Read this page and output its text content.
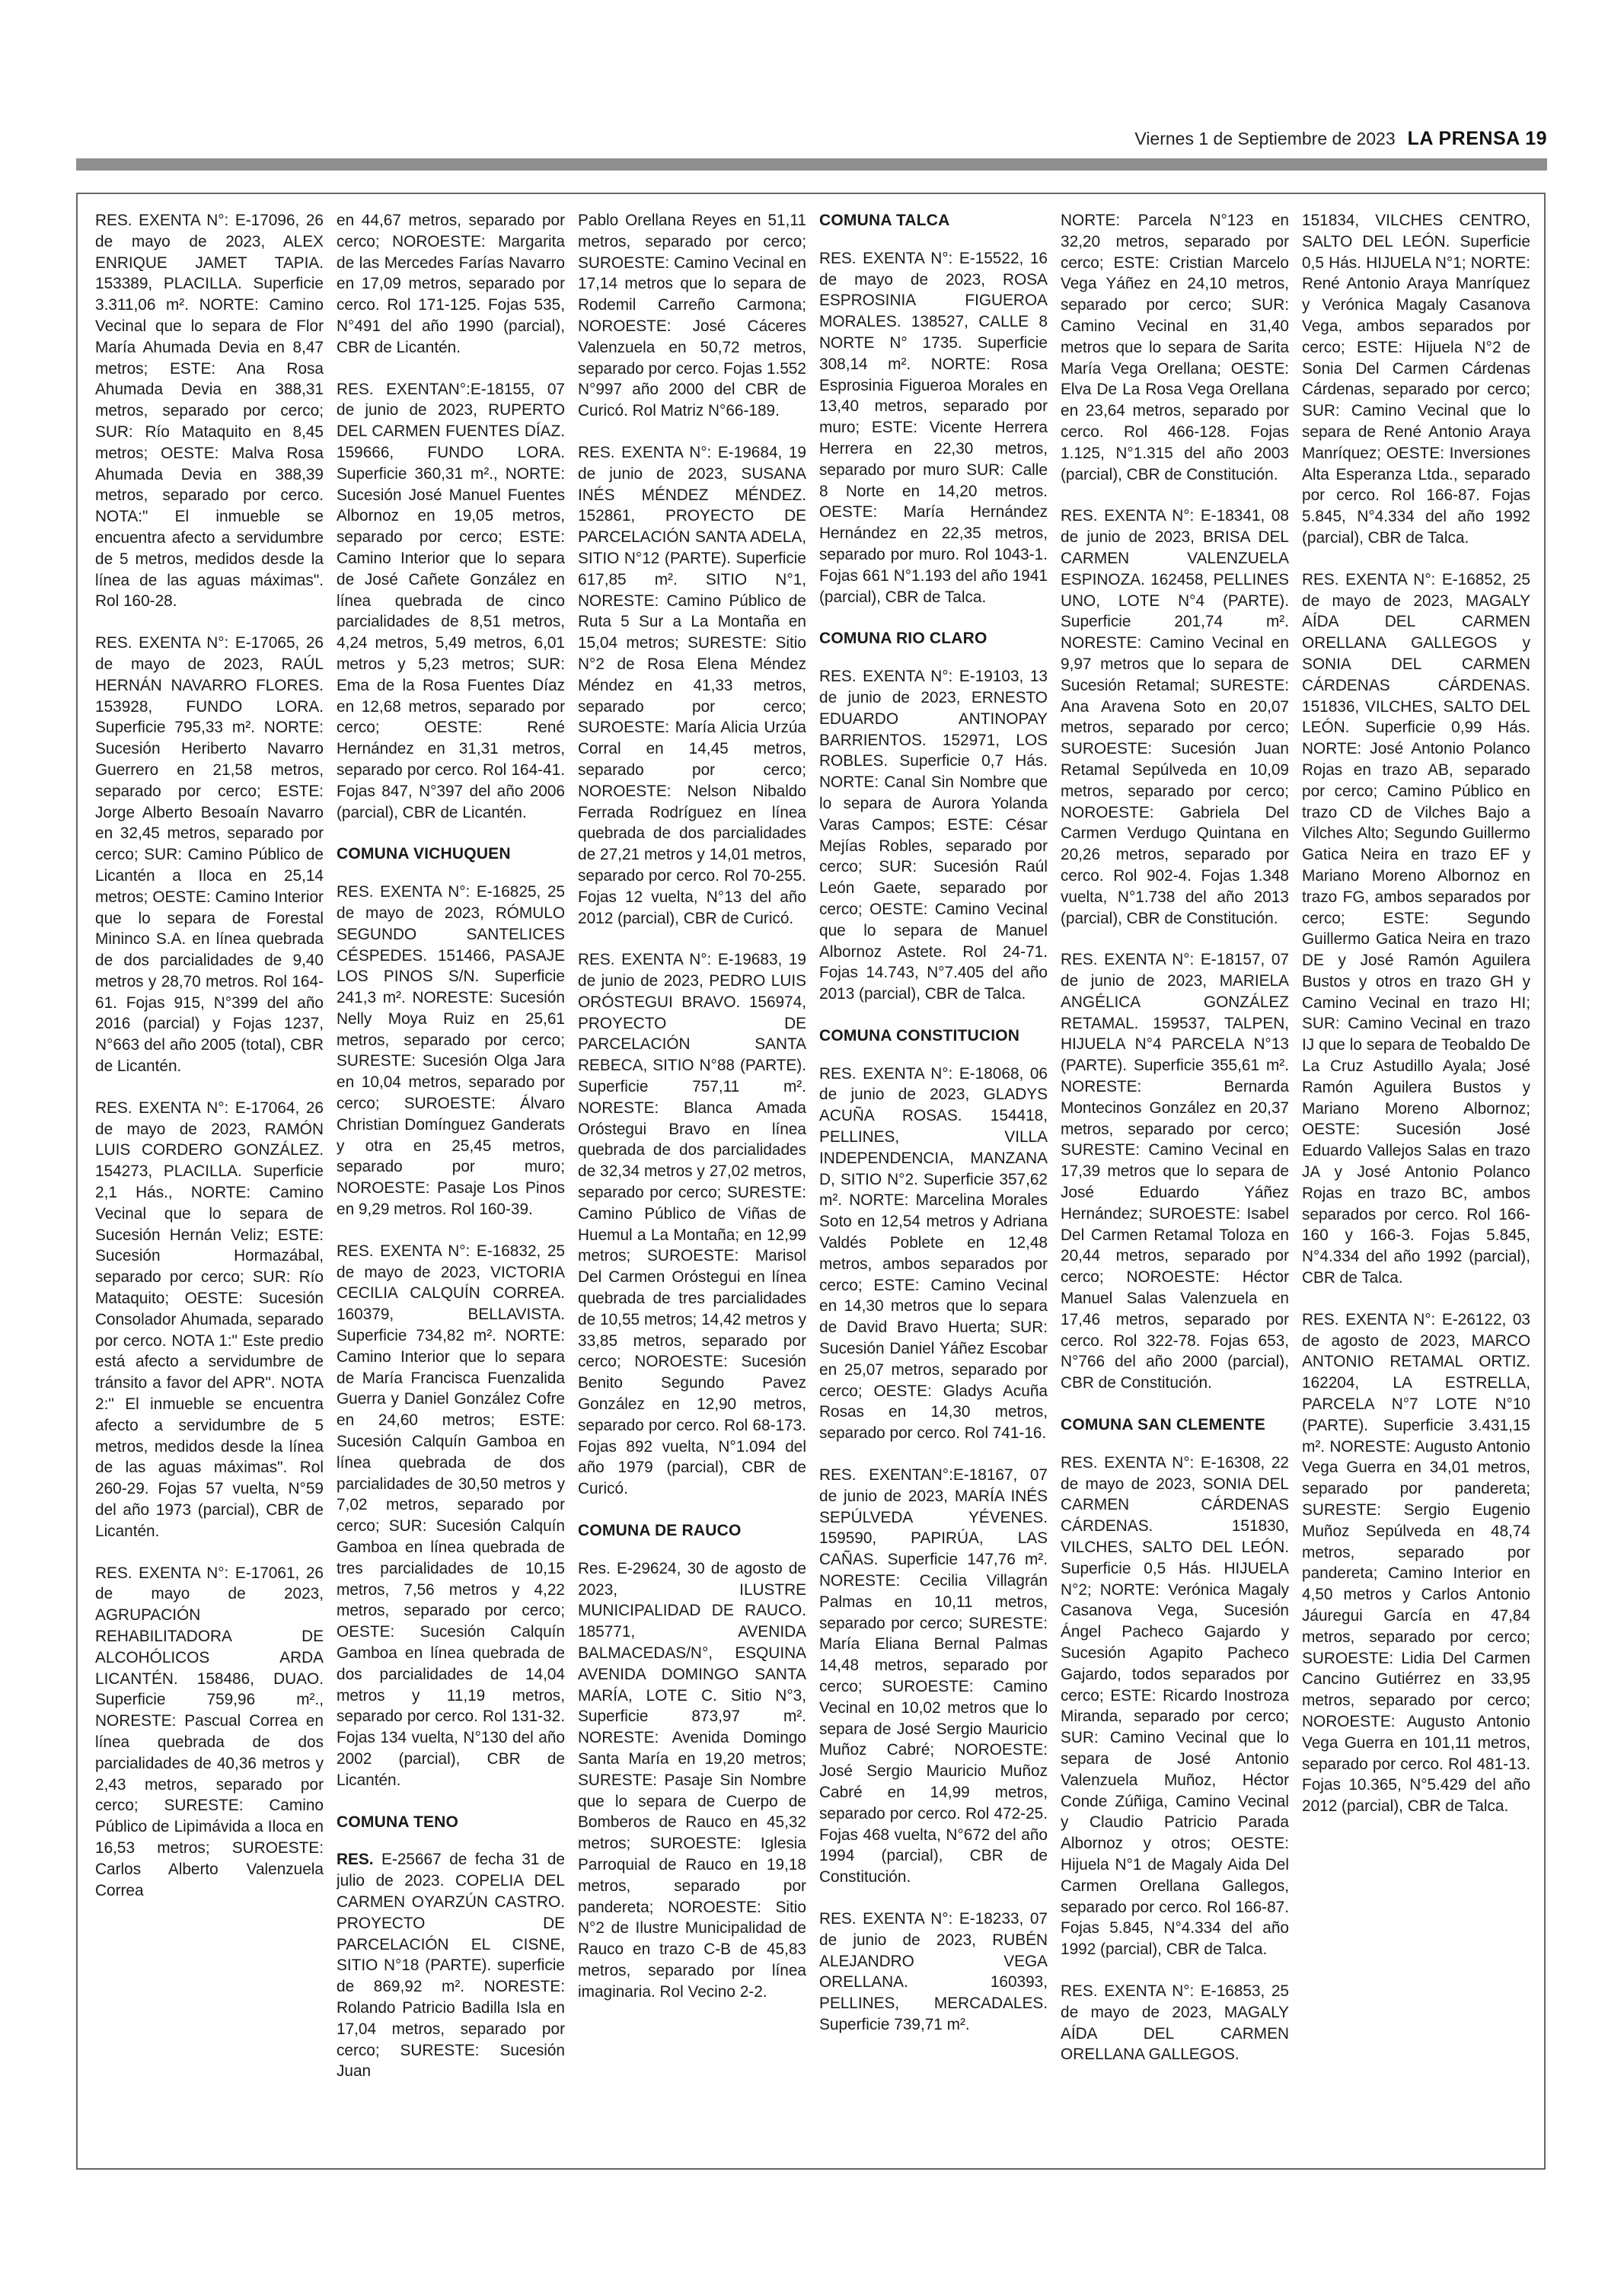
Viernes 1 de Septiembre de 2023 LA PRENSA 19

RES. EXENTA N°: E-17096, 26 de mayo de 2023, ALEX ENRIQUE JAMET TAPIA. 153389, PLACILLA. Superficie 3.311,06 m². NORTE: Camino Vecinal que lo separa de Flor María Ahumada Devia en 8,47 metros; ESTE: Ana Rosa Ahumada Devia en 388,31 metros, separado por cerco; SUR: Río Mataquito en 8,45 metros; OESTE: Malva Rosa Ahumada Devia en 388,39 metros, separado por cerco. NOTA:" El inmueble se encuentra afecto a servidumbre de 5 metros, medidos desde la línea de las aguas máximas". Rol 160-28.

RES. EXENTA N°: E-17065, 26 de mayo de 2023, RAÚL HERNÁN NAVARRO FLORES. 153928, FUNDO LORA. Superficie 795,33 m². NORTE: Sucesión Heriberto Navarro Guerrero en 21,58 metros, separado por cerco; ESTE: Jorge Alberto Besoaín Navarro en 32,45 metros, separado por cerco; SUR: Camino Público de Licantén a Iloca en 25,14 metros; OESTE: Camino Interior que lo separa de Forestal Mininco S.A. en línea quebrada de dos parcialidades de 9,40 metros y 28,70 metros. Rol 164-61. Fojas 915, N°399 del año 2016 (parcial) y Fojas 1237, N°663 del año 2005 (total), CBR de Licantén.

RES. EXENTA N°: E-17064, 26 de mayo de 2023, RAMÓN LUIS CORDERO GONZÁLEZ. 154273, PLACILLA. Superficie 2,1 Hás., NORTE: Camino Vecinal que lo separa de Sucesión Hernán Veliz; ESTE: Sucesión Hormazábal, separado por cerco; SUR: Río Mataquito; OESTE: Sucesión Consolador Ahumada, separado por cerco. NOTA 1:" Este predio está afecto a servidumbre de tránsito a favor del APR". NOTA 2:" El inmueble se encuentra afecto a servidumbre de 5 metros, medidos desde la línea de las aguas máximas". Rol 260-29. Fojas 57 vuelta, N°59 del año 1973 (parcial), CBR de Licantén.

RES. EXENTA N°: E-17061, 26 de mayo de 2023, AGRUPACIÓN REHABILITADORA DE ALCOHÓLICOS ARDA LICANTÉN. 158486, DUAO. Superficie 759,96 m²., NORESTE: Pascual Correa en línea quebrada de dos parcialidades de 40,36 metros y 2,43 metros, separado por cerco; SURESTE: Camino Público de Lipimávida a Iloca en 16,53 metros; SUROESTE: Carlos Alberto Valenzuela Correa

en 44,67 metros, separado por cerco; NOROESTE: Margarita de las Mercedes Farías Navarro en 17,09 metros, separado por cerco. Rol 171-125. Fojas 535, N°491 del año 1990 (parcial), CBR de Licantén.

RES. EXENTAN°:E-18155, 07 de junio de 2023, RUPERTO DEL CARMEN FUENTES DÍAZ. 159666, FUNDO LORA. Superficie 360,31 m²., NORTE: Sucesión José Manuel Fuentes Albornoz en 19,05 metros, separado por cerco; ESTE: Camino Interior que lo separa de José Cañete González en línea quebrada de cinco parcialidades de 8,51 metros, 4,24 metros, 5,49 metros, 6,01 metros y 5,23 metros; SUR: Ema de la Rosa Fuentes Díaz en 12,68 metros, separado por cerco; OESTE: René Hernández en 31,31 metros, separado por cerco. Rol 164-41. Fojas 847, N°397 del año 2006 (parcial), CBR de Licantén.

COMUNA VICHUQUEN

RES. EXENTA N°: E-16825, 25 de mayo de 2023, RÓMULO SEGUNDO SANTELICES CÉSPEDES. 151466, PASAJE LOS PINOS S/N. Superficie 241,3 m². NORESTE: Sucesión Nelly Moya Ruiz en 25,61 metros, separado por cerco; SURESTE: Sucesión Olga Jara en 10,04 metros, separado por cerco; SUROESTE: Álvaro Christian Domínguez Ganderats y otra en 25,45 metros, separado por muro; NOROESTE: Pasaje Los Pinos en 9,29 metros. Rol 160-39.

RES. EXENTA N°: E-16832, 25 de mayo de 2023, VICTORIA CECILIA CALQUÍN CORREA. 160379, BELLAVISTA. Superficie 734,82 m². NORTE: Camino Interior que lo separa de María Francisca Fuenzalida Guerra y Daniel González Cofre en 24,60 metros; ESTE: Sucesión Calquín Gamboa en línea quebrada de dos parcialidades de 30,50 metros y 7,02 metros, separado por cerco; SUR: Sucesión Calquín Gamboa en línea quebrada de tres parcialidades de 10,15 metros, 7,56 metros y 4,22 metros, separado por cerco; OESTE: Sucesión Calquín Gamboa en línea quebrada de dos parcialidades de 14,04 metros y 11,19 metros, separado por cerco. Rol 131-32. Fojas 134 vuelta, N°130 del año 2002 (parcial), CBR de Licantén.

COMUNA TENO

RES. E-25667 de fecha 31 de julio de 2023. COPELIA DEL CARMEN OYARZÚN CASTRO. PROYECTO DE PARCELACIÓN EL CISNE, SITIO N°18 (PARTE). superficie de 869,92 m². NORESTE: Rolando Patricio Badilla Isla en 17,04 metros, separado por cerco; SURESTE: Sucesión Juan

Pablo Orellana Reyes en 51,11 metros, separado por cerco; SUROESTE: Camino Vecinal en 17,14 metros que lo separa de Rodemil Carreño Carmona; NOROESTE: José Cáceres Valenzuela en 50,72 metros, separado por cerco. Fojas 1.552 N°997 año 2000 del CBR de Curicó. Rol Matriz N°66-189.

RES. EXENTA N°: E-19684, 19 de junio de 2023, SUSANA INÉS MÉNDEZ MÉNDEZ. 152861, PROYECTO DE PARCELACIÓN SANTA ADELA, SITIO N°12 (PARTE). Superficie 617,85 m². SITIO N°1, NORESTE: Camino Público de Ruta 5 Sur a La Montaña en 15,04 metros; SURESTE: Sitio N°2 de Rosa Elena Méndez Méndez en 41,33 metros, separado por cerco; SUROESTE: María Alicia Urzúa Corral en 14,45 metros, separado por cerco; NOROESTE: Nelson Nibaldo Ferrada Rodríguez en línea quebrada de dos parcialidades de 27,21 metros y 14,01 metros, separado por cerco. Rol 70-255. Fojas 12 vuelta, N°13 del año 2012 (parcial), CBR de Curicó.

RES. EXENTA N°: E-19683, 19 de junio de 2023, PEDRO LUIS ORÓSTEGUI BRAVO. 156974, PROYECTO DE PARCELACIÓN SANTA REBECA, SITIO N°88 (PARTE). Superficie 757,11 m². NORESTE: Blanca Amada Oróstegui Bravo en línea quebrada de dos parcialidades de 32,34 metros y 27,02 metros, separado por cerco; SURESTE: Camino Público de Viñas de Huemul a La Montaña; en 12,99 metros; SUROESTE: Marisol Del Carmen Oróstegui en línea quebrada de tres parcialidades de 10,55 metros; 14,42 metros y 33,85 metros, separado por cerco; NOROESTE: Sucesión Benito Segundo Pavez González en 12,90 metros, separado por cerco. Rol 68-173. Fojas 892 vuelta, N°1.094 del año 1979 (parcial), CBR de Curicó.

COMUNA DE RAUCO

Res. E-29624, 30 de agosto de 2023, ILUSTRE MUNICIPALIDAD DE RAUCO. 185771, AVENIDA BALMACEDAS/N°, ESQUINA AVENIDA DOMINGO SANTA MARÍA, LOTE C. Sitio N°3, Superficie 873,97 m². NORESTE: Avenida Domingo Santa María en 19,20 metros; SURESTE: Pasaje Sin Nombre que lo separa de Cuerpo de Bomberos de Rauco en 45,32 metros; SUROESTE: Iglesia Parroquial de Rauco en 19,18 metros, separado por pandereta; NOROESTE: Sitio N°2 de Ilustre Municipalidad de Rauco en trazo C-B de 45,83 metros, separado por línea imaginaria. Rol Vecino 2-2.

COMUNA TALCA

RES. EXENTA N°: E-15522, 16 de mayo de 2023, ROSA ESPROSINIA FIGUEROA MORALES. 138527, CALLE 8 NORTE N° 1735. Superficie 308,14 m². NORTE: Rosa Esprosinia Figueroa Morales en 13,40 metros, separado por muro; ESTE: Vicente Herrera Herrera en 22,30 metros, separado por muro SUR: Calle 8 Norte en 14,20 metros. OESTE: María Hernández Hernández en 22,35 metros, separado por muro. Rol 1043-1. Fojas 661 N°1.193 del año 1941 (parcial), CBR de Talca.

COMUNA RIO CLARO

RES. EXENTA N°: E-19103, 13 de junio de 2023, ERNESTO EDUARDO ANTINOPAY BARRIENTOS. 152971, LOS ROBLES. Superficie 0,7 Hás. NORTE: Canal Sin Nombre que lo separa de Aurora Yolanda Varas Campos; ESTE: César Mejías Robles, separado por cerco; SUR: Sucesión Raúl León Gaete, separado por cerco; OESTE: Camino Vecinal que lo separa de Manuel Albornoz Astete. Rol 24-71. Fojas 14.743, N°7.405 del año 2013 (parcial), CBR de Talca.

COMUNA CONSTITUCION

RES. EXENTA N°: E-18068, 06 de junio de 2023, GLADYS ACUÑA ROSAS. 154418, PELLINES, VILLA INDEPENDENCIA, MANZANA D, SITIO N°2. Superficie 357,62 m². NORTE: Marcelina Morales Soto en 12,54 metros y Adriana Valdés Poblete en 12,48 metros, ambos separados por cerco; ESTE: Camino Vecinal en 14,30 metros que lo separa de David Bravo Huerta; SUR: Sucesión Daniel Yáñez Escobar en 25,07 metros, separado por cerco; OESTE: Gladys Acuña Rosas en 14,30 metros, separado por cerco. Rol 741-16.

RES. EXENTAN°:E-18167, 07 de junio de 2023, MARÍA INÉS SEPÚLVEDA YÉVENES. 159590, PAPIRÚA, LAS CAÑAS. Superficie 147,76 m². NORESTE: Cecilia Villagrán Palmas en 10,11 metros, separado por cerco; SURESTE: María Eliana Bernal Palmas 14,48 metros, separado por cerco; SUROESTE: Camino Vecinal en 10,02 metros que lo separa de José Sergio Mauricio Muñoz Cabré; NOROESTE: José Sergio Mauricio Muñoz Cabré en 14,99 metros, separado por cerco. Rol 472-25. Fojas 468 vuelta, N°672 del año 1994 (parcial), CBR de Constitución.

RES. EXENTA N°: E-18233, 07 de junio de 2023, RUBÉN ALEJANDRO VEGA ORELLANA. 160393, PELLINES, MERCADALES. Superficie 739,71 m².

NORTE: Parcela N°123 en 32,20 metros, separado por cerco; ESTE: Cristian Marcelo Vega Yáñez en 24,10 metros, separado por cerco; SUR: Camino Vecinal en 31,40 metros que lo separa de Sarita María Vega Orellana; OESTE: Elva De La Rosa Vega Orellana en 23,64 metros, separado por cerco. Rol 466-128. Fojas 1.125, N°1.315 del año 2003 (parcial), CBR de Constitución.

RES. EXENTA N°: E-18341, 08 de junio de 2023, BRISA DEL CARMEN VALENZUELA ESPINOZA. 162458, PELLINES UNO, LOTE N°4 (PARTE). Superficie 201,74 m². NORESTE: Camino Vecinal en 9,97 metros que lo separa de Sucesión Retamal; SURESTE: Ana Aravena Soto en 20,07 metros, separado por cerco; SUROESTE: Sucesión Juan Retamal Sepúlveda en 10,09 metros, separado por cerco; NOROESTE: Gabriela Del Carmen Verdugo Quintana en 20,26 metros, separado por cerco. Rol 902-4. Fojas 1.348 vuelta, N°1.738 del año 2013 (parcial), CBR de Constitución.

RES. EXENTA N°: E-18157, 07 de junio de 2023, MARIELA ANGÉLICA GONZÁLEZ RETAMAL. 159537, TALPEN, HIJUELA N°4 PARCELA N°13 (PARTE). Superficie 355,61 m². NORESTE: Bernarda Montecinos González en 20,37 metros, separado por cerco; SURESTE: Camino Vecinal en 17,39 metros que lo separa de José Eduardo Yáñez Hernández; SUROESTE: Isabel Del Carmen Retamal Toloza en 20,44 metros, separado por cerco; NOROESTE: Héctor Manuel Salas Valenzuela en 17,46 metros, separado por cerco. Rol 322-78. Fojas 653, N°766 del año 2000 (parcial), CBR de Constitución.

COMUNA SAN CLEMENTE

RES. EXENTA N°: E-16308, 22 de mayo de 2023, SONIA DEL CARMEN CÁRDENAS CÁRDENAS. 151830, VILCHES, SALTO DEL LEÓN. Superficie 0,5 Hás. HIJUELA N°2; NORTE: Verónica Magaly Casanova Vega, Sucesión Ángel Pacheco Gajardo y Sucesión Agapito Pacheco Gajardo, todos separados por cerco; ESTE: Ricardo Inostroza Miranda, separado por cerco; SUR: Camino Vecinal que lo separa de José Antonio Valenzuela Muñoz, Héctor Conde Zúñiga, Camino Vecinal y Claudio Patricio Parada Albornoz y otros; OESTE: Hijuela N°1 de Magaly Aida Del Carmen Orellana Gallegos, separado por cerco. Rol 166-87. Fojas 5.845, N°4.334 del año 1992 (parcial), CBR de Talca.

RES. EXENTA N°: E-16853, 25 de mayo de 2023, MAGALY AÍDA DEL CARMEN ORELLANA GALLEGOS.

151834, VILCHES CENTRO, SALTO DEL LEÓN. Superficie 0,5 Hás. HIJUELA N°1; NORTE: René Antonio Araya Manríquez y Verónica Magaly Casanova Vega, ambos separados por cerco; ESTE: Hijuela N°2 de Sonia Del Carmen Cárdenas Cárdenas, separado por cerco; SUR: Camino Vecinal que lo separa de René Antonio Araya Manríquez; OESTE: Inversiones Alta Esperanza Ltda., separado por cerco. Rol 166-87. Fojas 5.845, N°4.334 del año 1992 (parcial), CBR de Talca.

RES. EXENTA N°: E-16852, 25 de mayo de 2023, MAGALY AÍDA DEL CARMEN ORELLANA GALLEGOS y SONIA DEL CARMEN CÁRDENAS CÁRDENAS. 151836, VILCHES, SALTO DEL LEÓN. Superficie 0,99 Hás. NORTE: José Antonio Polanco Rojas en trazo AB, separado por cerco; Camino Público en trazo CD de Vilches Bajo a Vilches Alto; Segundo Guillermo Gatica Neira en trazo EF y Mariano Moreno Albornoz en trazo FG, ambos separados por cerco; ESTE: Segundo Guillermo Gatica Neira en trazo DE y José Ramón Aguilera Bustos y otros en trazo GH y Camino Vecinal en trazo HI; SUR: Camino Vecinal en trazo IJ que lo separa de Teobaldo De La Cruz Astudillo Ayala; José Ramón Aguilera Bustos y Mariano Moreno Albornoz; OESTE: Sucesión José Eduardo Vallejos Salas en trazo JA y José Antonio Polanco Rojas en trazo BC, ambos separados por cerco. Rol 166-160 y 166-3. Fojas 5.845, N°4.334 del año 1992 (parcial), CBR de Talca.

RES. EXENTA N°: E-26122, 03 de agosto de 2023, MARCO ANTONIO RETAMAL ORTIZ. 162204, LA ESTRELLA, PARCELA N°7 LOTE N°10 (PARTE). Superficie 3.431,15 m². NORESTE: Augusto Antonio Vega Guerra en 34,01 metros, separado por pandereta; SURESTE: Sergio Eugenio Muñoz Sepúlveda en 48,74 metros, separado por pandereta; Camino Interior en 4,50 metros y Carlos Antonio Jáuregui García en 47,84 metros, separado por cerco; SUROESTE: Lidia Del Carmen Cancino Gutiérrez en 33,95 metros, separado por cerco; NOROESTE: Augusto Antonio Vega Guerra en 101,11 metros, separado por cerco. Rol 481-13. Fojas 10.365, N°5.429 del año 2012 (parcial), CBR de Talca.
